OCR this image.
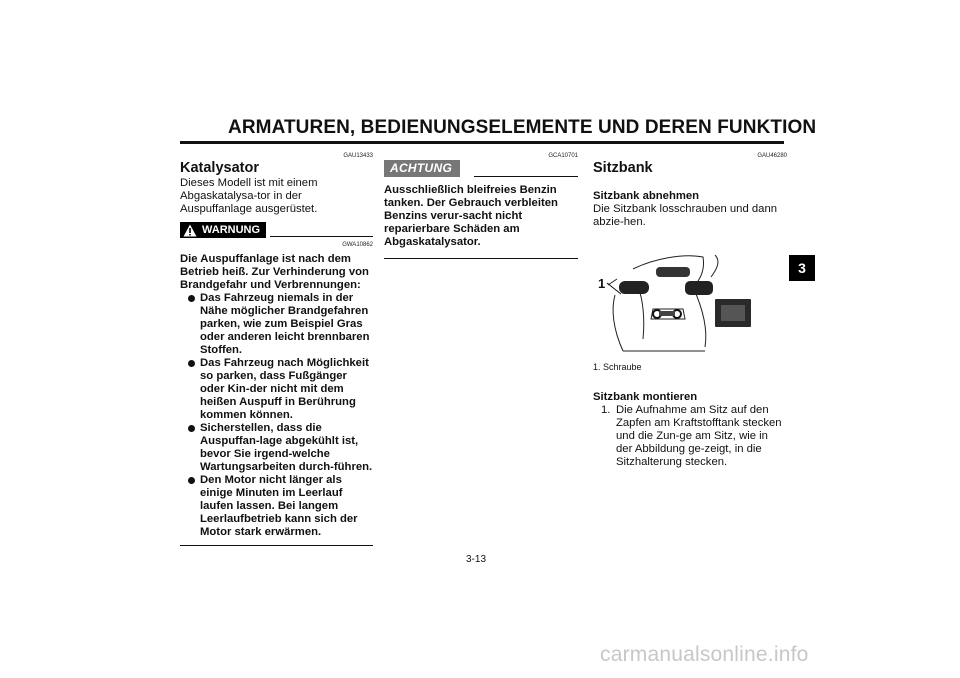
ARMATUREN, BEDIENUNGSELEMENTE UND DEREN FUNKTION
3
GAU13433
Katalysator

Dieses Modell ist mit einem Abgaskatalysa-tor in der Auspuffanlage ausgerüstet.

WARNUNG
GWA10862

Die Auspuffanlage ist nach dem Betrieb heiß. Zur Verhinderung von Brandgefahr und Verbrennungen:

Das Fahrzeug niemals in der Nähe möglicher Brandgefahren parken, wie zum Beispiel Gras oder anderen leicht brennbaren Stoffen.
Das Fahrzeug nach Möglichkeit so parken, dass Fußgänger oder Kin-der nicht mit dem heißen Auspuff in Berührung kommen können.
Sicherstellen, dass die Auspuffan-lage abgekühlt ist, bevor Sie irgend-welche Wartungsarbeiten durch-führen.
Den Motor nicht länger als einige Minuten im Leerlauf laufen lassen. Bei langem Leerlaufbetrieb kann sich der Motor stark erwärmen.
GCA10701
ACHTUNG

Ausschließlich bleifreies Benzin tanken. Der Gebrauch verbleiten Benzins verur-sacht nicht reparierbare Schäden am Abgaskatalysator.

GAU46280
Sitzbank

Sitzbank abnehmen

Die Sitzbank losschrauben und dann abzie-hen.

1
1. Schraube

Sitzbank montieren

1. Die Aufnahme am Sitz auf den Zapfen am Kraftstofftank stecken und die Zun-ge am Sitz, wie in der Abbildung ge-zeigt, in die Sitzhalterung stecken.
3-13
carmanualsonline.info
